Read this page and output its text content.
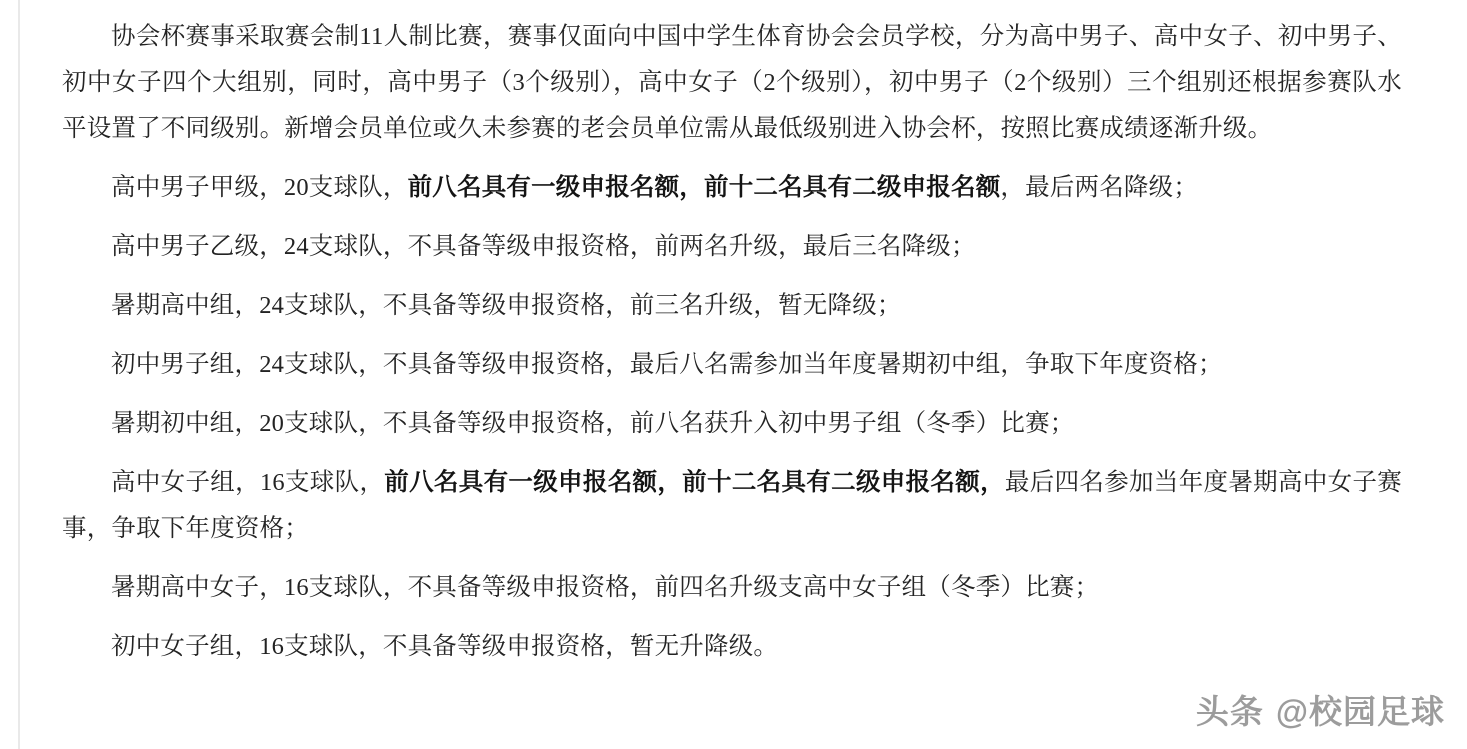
协会杯赛事采取赛会制11人制比赛，赛事仅面向中国中学生体育协会会员学校，分为高中男子、高中女子、初中男子、初中女子四个大组别，同时，高中男子（3个级别），高中女子（2个级别），初中男子（2个级别）三个组别还根据参赛队水平设置了不同级别。新增会员单位或久未参赛的老会员单位需从最低级别进入协会杯，按照比赛成绩逐渐升级。

高中男子甲级，20支球队，前八名具有一级申报名额，前十二名具有二级申报名额，最后两名降级；

高中男子乙级，24支球队，不具备等级申报资格，前两名升级，最后三名降级；

暑期高中组，24支球队，不具备等级申报资格，前三名升级，暂无降级；

初中男子组，24支球队，不具备等级申报资格，最后八名需参加当年度暑期初中组，争取下年度资格；

暑期初中组，20支球队，不具备等级申报资格，前八名获升入初中男子组（冬季）比赛；

高中女子组，16支球队，前八名具有一级申报名额，前十二名具有二级申报名额，最后四名参加当年度暑期高中女子赛事，争取下年度资格；

暑期高中女子，16支球队，不具备等级申报资格，前四名升级支高中女子组（冬季）比赛；

初中女子组，16支球队，不具备等级申报资格，暂无升降级。

头条 @校园足球
